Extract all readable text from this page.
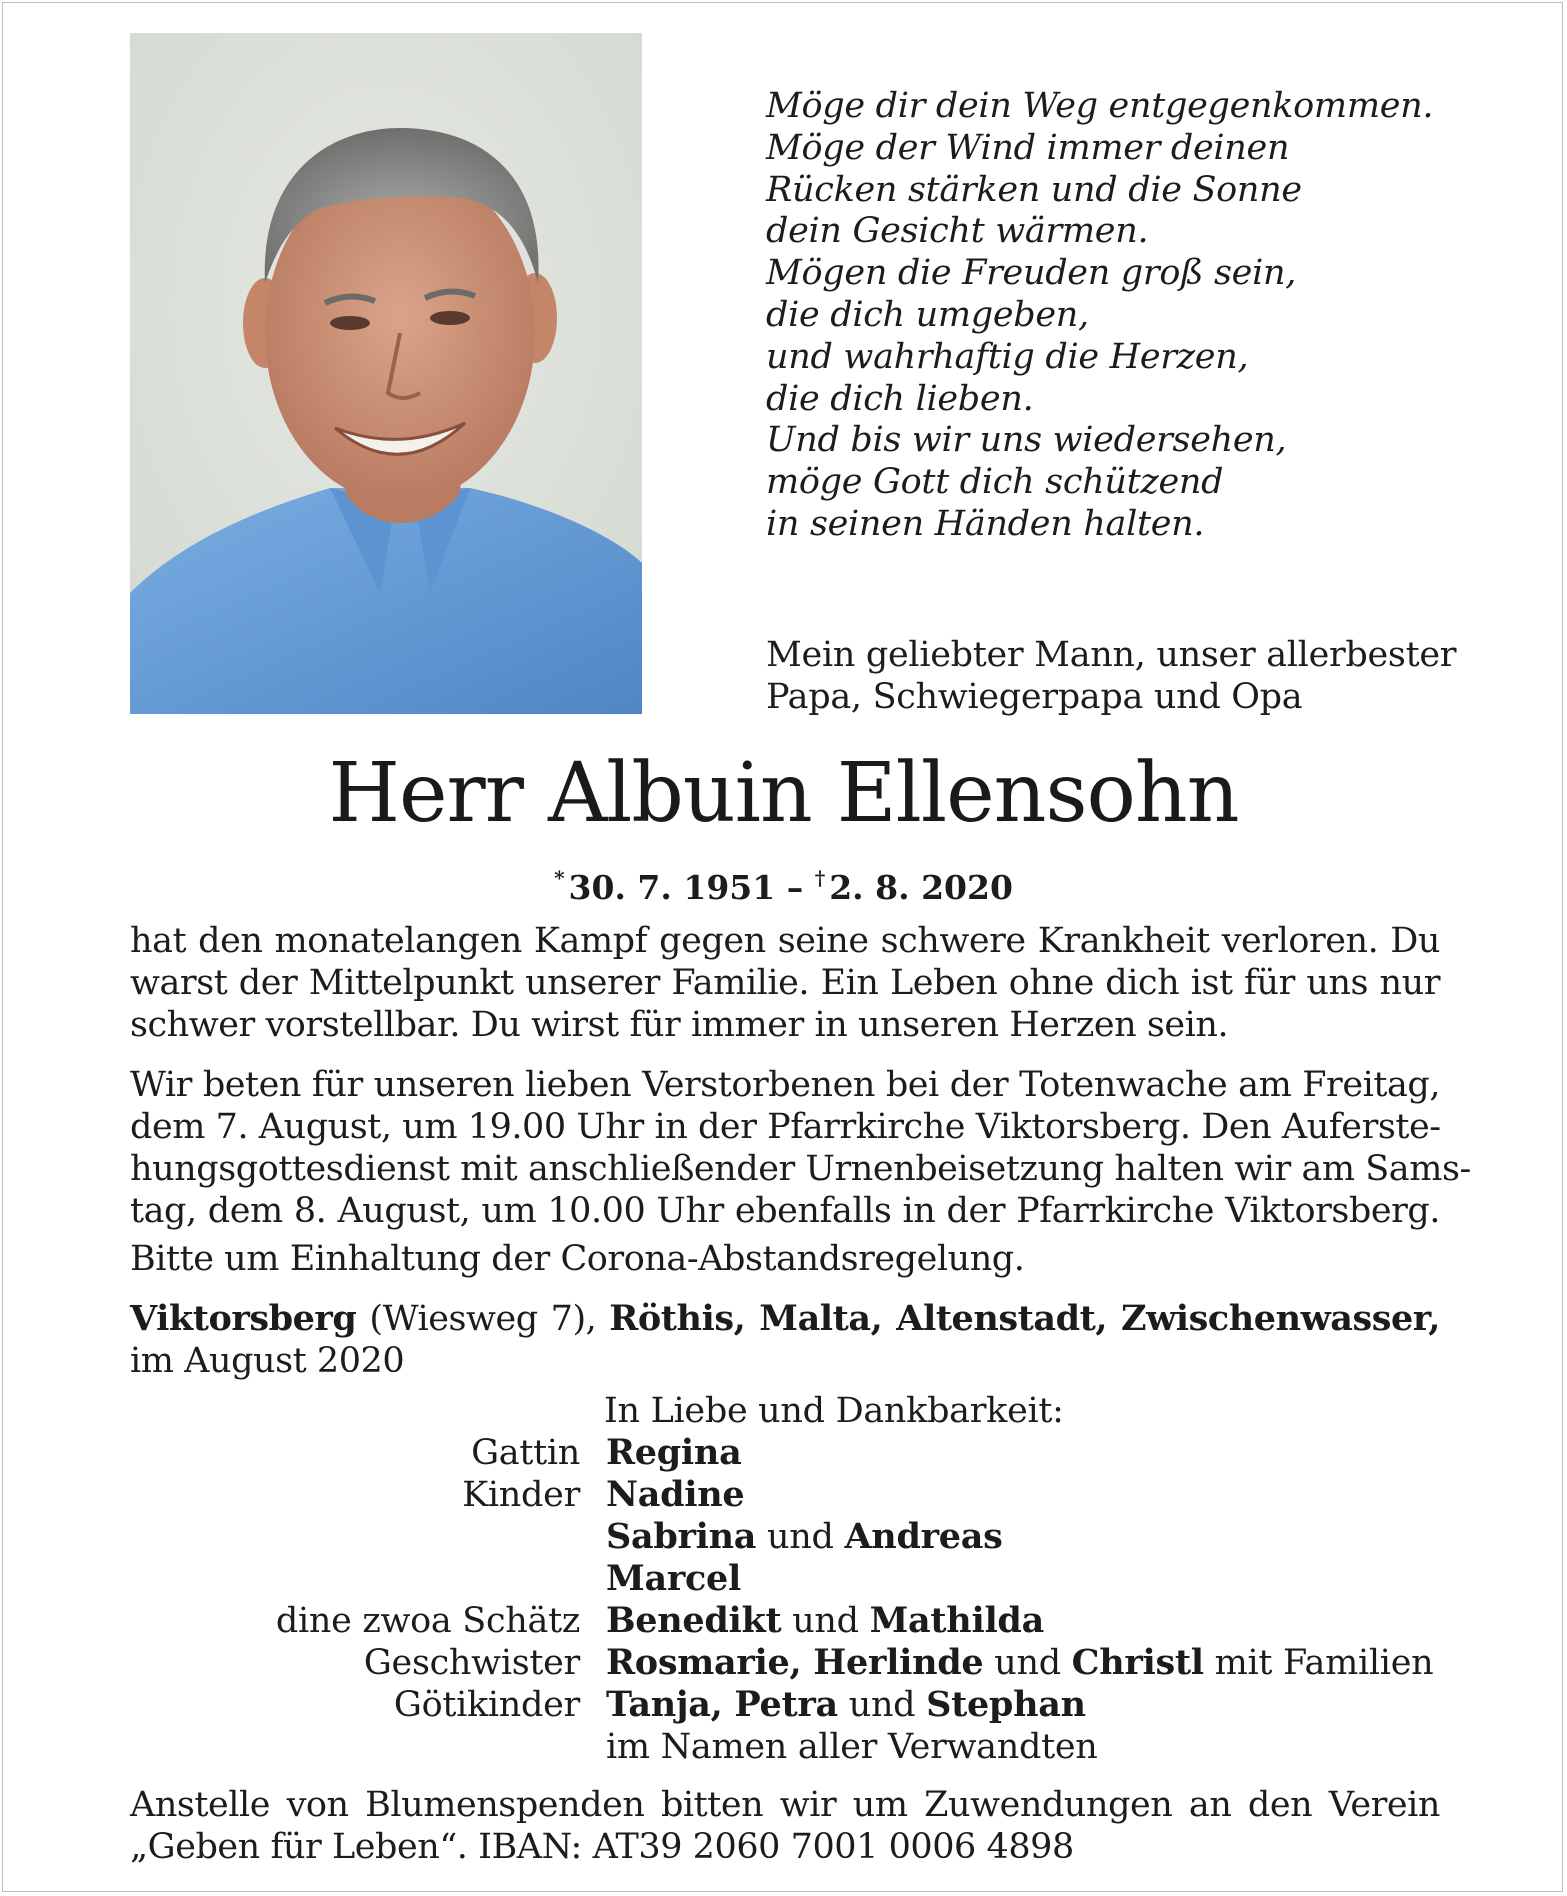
Möge dir dein Weg entgegenkommen.
Möge der Wind immer deinen
Rücken stärken und die Sonne
dein Gesicht wärmen.
Mögen die Freuden groß sein,
die dich umgeben,
und wahrhaftig die Herzen,
die dich lieben.
Und bis wir uns wiedersehen,
möge Gott dich schützend
in seinen Händen halten.
Mein geliebter Mann, unser allerbester
Papa, Schwiegerpapa und Opa
Herr Albuin Ellensohn
* 30. 7. 1951 – † 2. 8. 2020
hat den monatelangen Kampf gegen seine schwere Krankheit verloren. Du
warst der Mittelpunkt unserer Familie. Ein Leben ohne dich ist für uns nur
schwer vorstellbar. Du wirst für immer in unseren Herzen sein.
Wir beten für unseren lieben Verstorbenen bei der Totenwache am Freitag,
dem 7. August, um 19.00 Uhr in der Pfarrkirche Viktorsberg. Den Auferste-
hungsgottesdienst mit anschließender Urnenbeisetzung halten wir am Sams-
tag, dem 8. August, um 10.00 Uhr ebenfalls in der Pfarrkirche Viktorsberg.
Bitte um Einhaltung der Corona-Abstandsregelung.
Viktorsberg (Wiesweg 7), Röthis, Malta, Altenstadt, Zwischenwasser,
im August 2020
In Liebe und Dankbarkeit:
Gattin Regina
Kinder Nadine
Sabrina und Andreas
Marcel
dine zwoa Schätz Benedikt und Mathilda
Geschwister Rosmarie, Herlinde und Christl mit Familien
Götikinder Tanja, Petra und Stephan
im Namen aller Verwandten
Anstelle von Blumenspenden bitten wir um Zuwendungen an den Verein
„Geben für Leben“. IBAN: AT39 2060 7001 0006 4898
